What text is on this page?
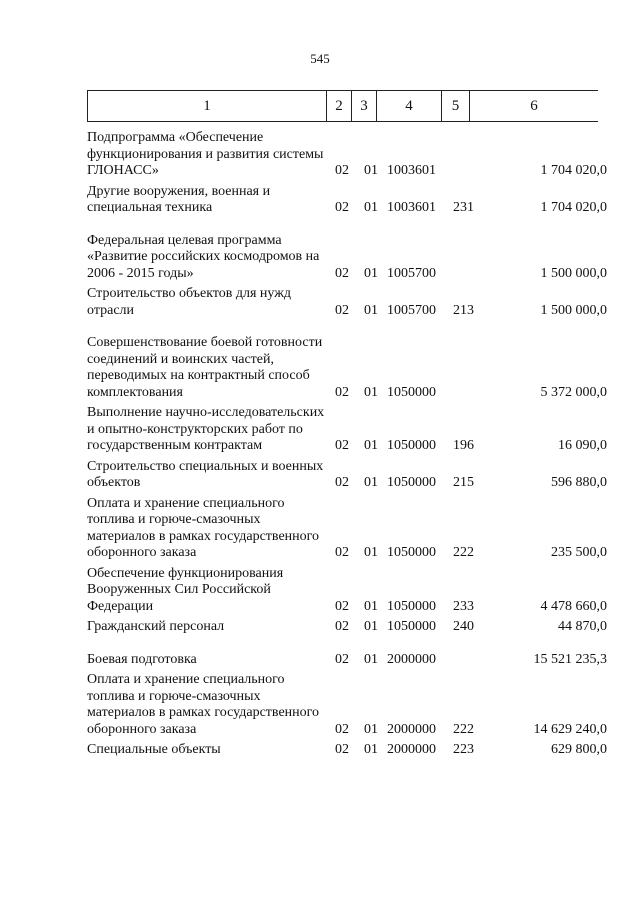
545
1	2	3	4	5	6
Подпрограмма «Обеспечение функционирования и развития системы ГЛОНАСС»	02 01 1003601	1 704 020,0
Другие вооружения, военная и специальная техника	02 01 1003601 231	1 704 020,0
Федеральная целевая программа «Развитие российских космодромов на 2006 - 2015 годы»	02 01 1005700	1 500 000,0
Строительство объектов для нужд отрасли	02 01 1005700 213	1 500 000,0
Совершенствование боевой готовности соединений и воинских частей, переводимых на контрактный способ комплектования	02 01 1050000	5 372 000,0
Выполнение научно-исследовательских и опытно-конструкторских работ по государственным контрактам	02 01 1050000 196	16 090,0
Строительство специальных и военных объектов	02 01 1050000 215	596 880,0
Оплата и хранение специального топлива и горюче-смазочных материалов в рамках государственного оборонного заказа	02 01 1050000 222	235 500,0
Обеспечение функционирования Вооруженных Сил Российской Федерации	02 01 1050000 233	4 478 660,0
Гражданский персонал	02 01 1050000 240	44 870,0
Боевая подготовка	02 01 2000000	15 521 235,3
Оплата и хранение специального топлива и горюче-смазочных материалов в рамках государственного оборонного заказа	02 01 2000000 222	14 629 240,0
Специальные объекты	02 01 2000000 223	629 800,0
